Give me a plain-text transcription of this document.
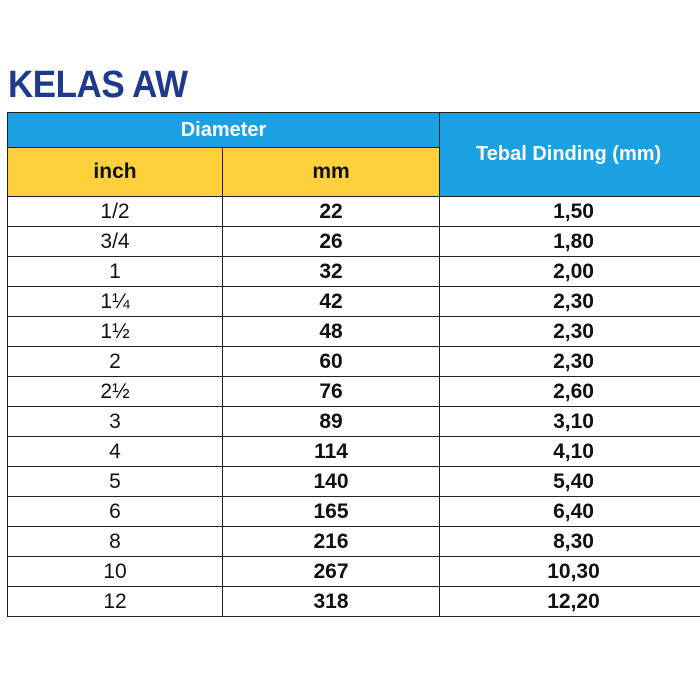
KELAS AW
Diameter		Tebal Dinding (mm)
inch	mm	
1/2	22	1,50
3/4	26	1,80
1	32	2,00
1¼	42	2,30
1½	48	2,30
2	60	2,30
2½	76	2,60
3	89	3,10
4	114	4,10
5	140	5,40
6	165	6,40
8	216	8,30
10	267	10,30
12	318	12,20
